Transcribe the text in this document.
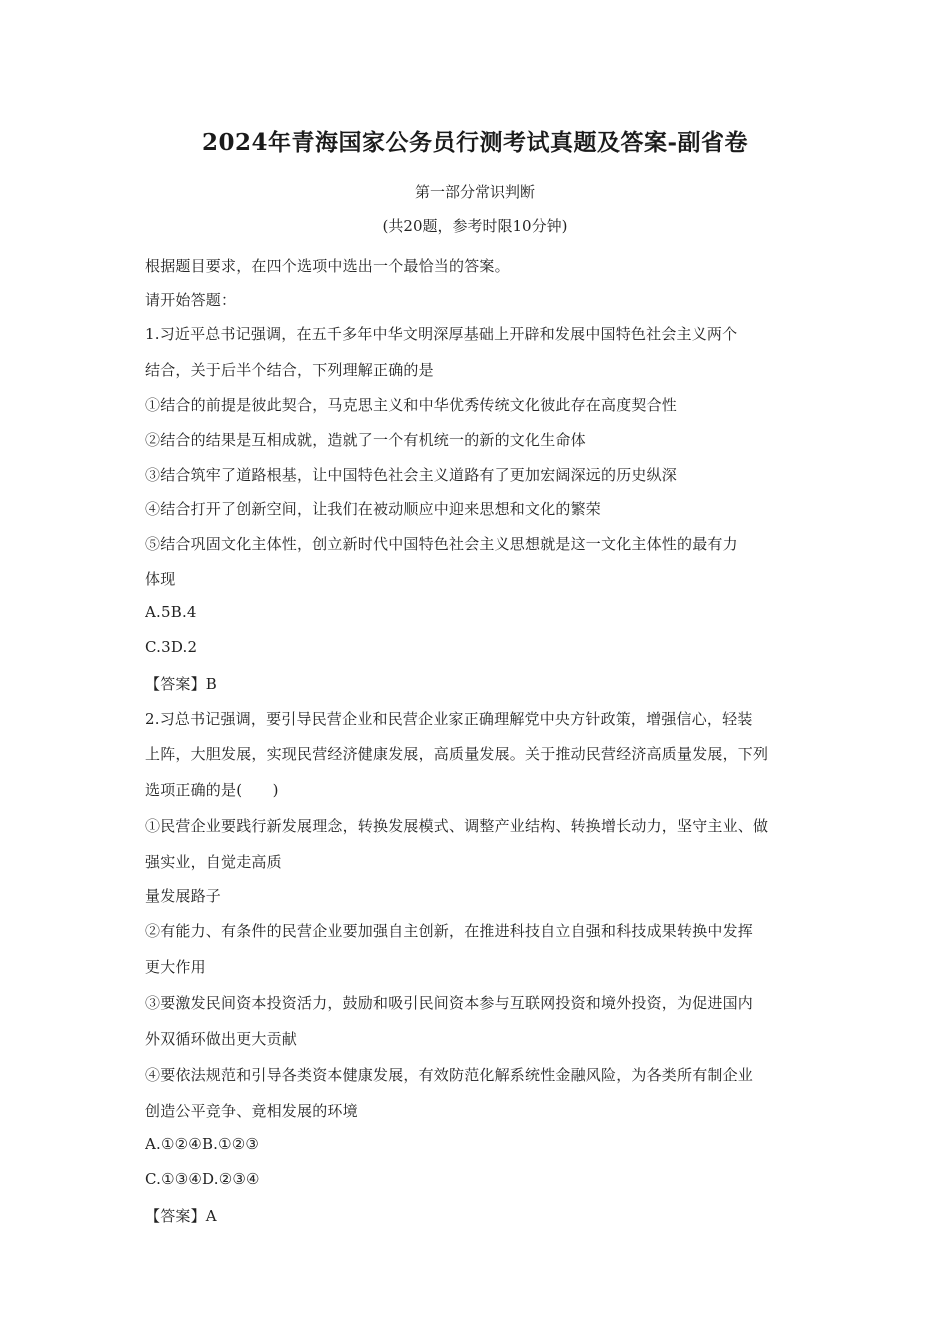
2024年青海国家公务员行测考试真题及答案-副省卷
第一部分常识判断
(共20题，参考时限10分钟)
根据题目要求，在四个选项中选出一个最恰当的答案。
请开始答题：
1.习近平总书记强调，在五千多年中华文明深厚基础上开辟和发展中国特色社会主义两个
结合，关于后半个结合，下列理解正确的是
①结合的前提是彼此契合，马克思主义和中华优秀传统文化彼此存在高度契合性
②结合的结果是互相成就，造就了一个有机统一的新的文化生命体
③结合筑牢了道路根基，让中国特色社会主义道路有了更加宏阔深远的历史纵深
④结合打开了创新空间，让我们在被动顺应中迎来思想和文化的繁荣
⑤结合巩固文化主体性，创立新时代中国特色社会主义思想就是这一文化主体性的最有力
体现
A.5B.4
C.3D.2
【答案】B
2.习总书记强调，要引导民营企业和民营企业家正确理解党中央方针政策，增强信心，轻装
上阵，大胆发展，实现民营经济健康发展，高质量发展。关于推动民营经济高质量发展，下列
选项正确的是(　　)
①民营企业要践行新发展理念，转换发展模式、调整产业结构、转换增长动力，坚守主业、做
强实业，自觉走高质
量发展路子
②有能力、有条件的民营企业要加强自主创新，在推进科技自立自强和科技成果转换中发挥
更大作用
③要激发民间资本投资活力，鼓励和吸引民间资本参与互联网投资和境外投资，为促进国内
外双循环做出更大贡献
④要依法规范和引导各类资本健康发展，有效防范化解系统性金融风险，为各类所有制企业
创造公平竞争、竟相发展的环境
A.①②④B.①②③
C.①③④D.②③④
【答案】A
